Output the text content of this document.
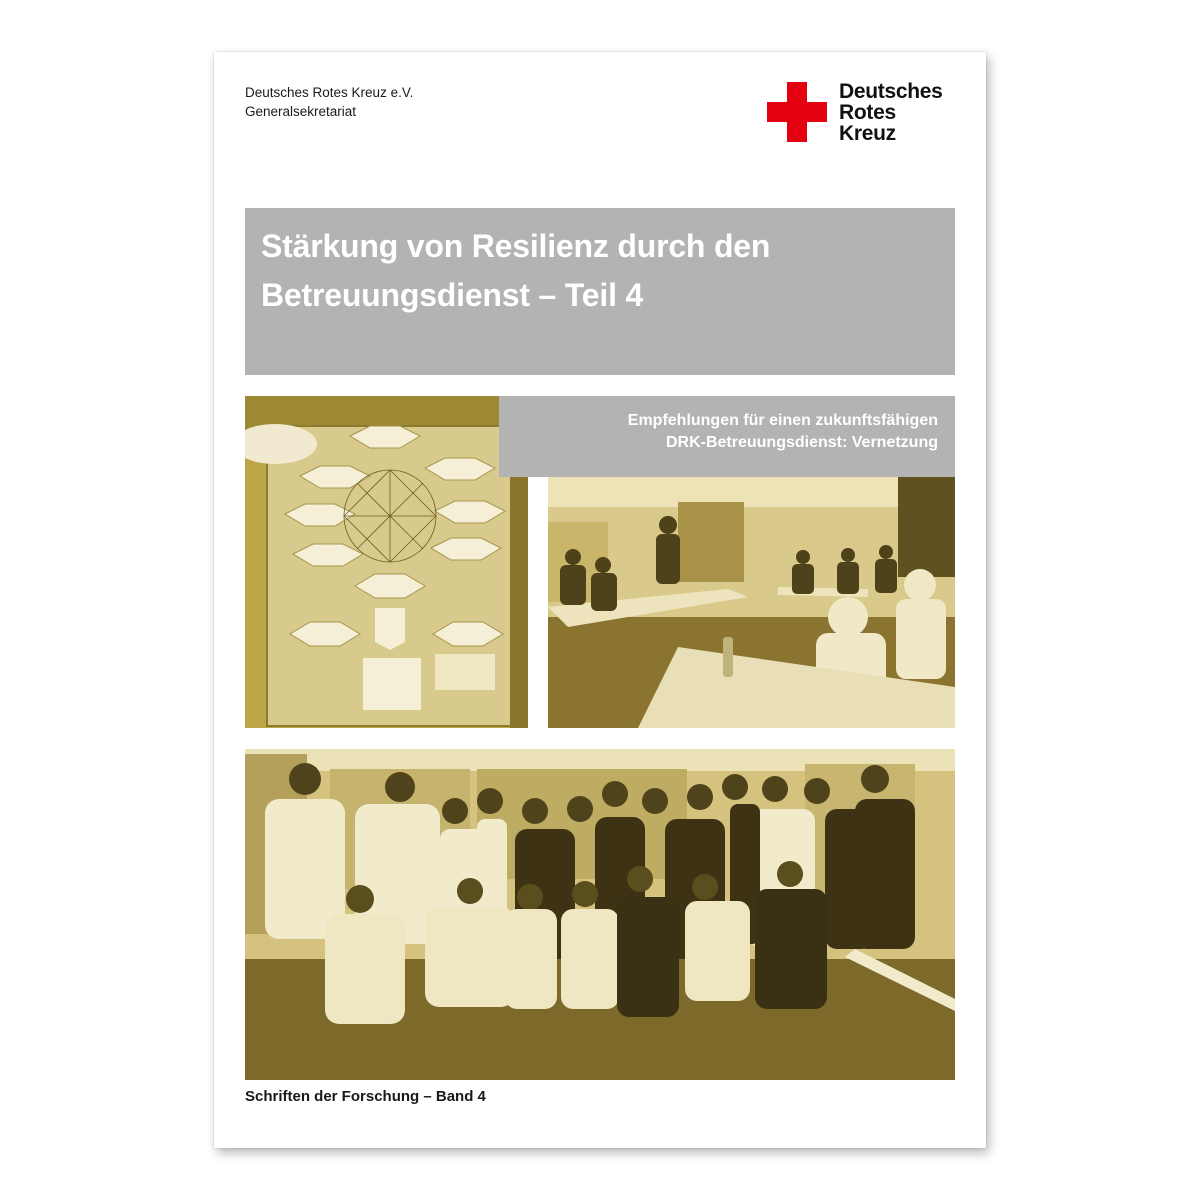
Deutsches Rotes Kreuz e.V.
Generalsekretariat
Deutsches
Rotes
Kreuz
Stärkung von Resilienz durch den
Betreuungsdienst – Teil 4
Empfehlungen für einen zukunftsfähigen
DRK-Betreuungsdienst: Vernetzung
Schriften der Forschung – Band 4
